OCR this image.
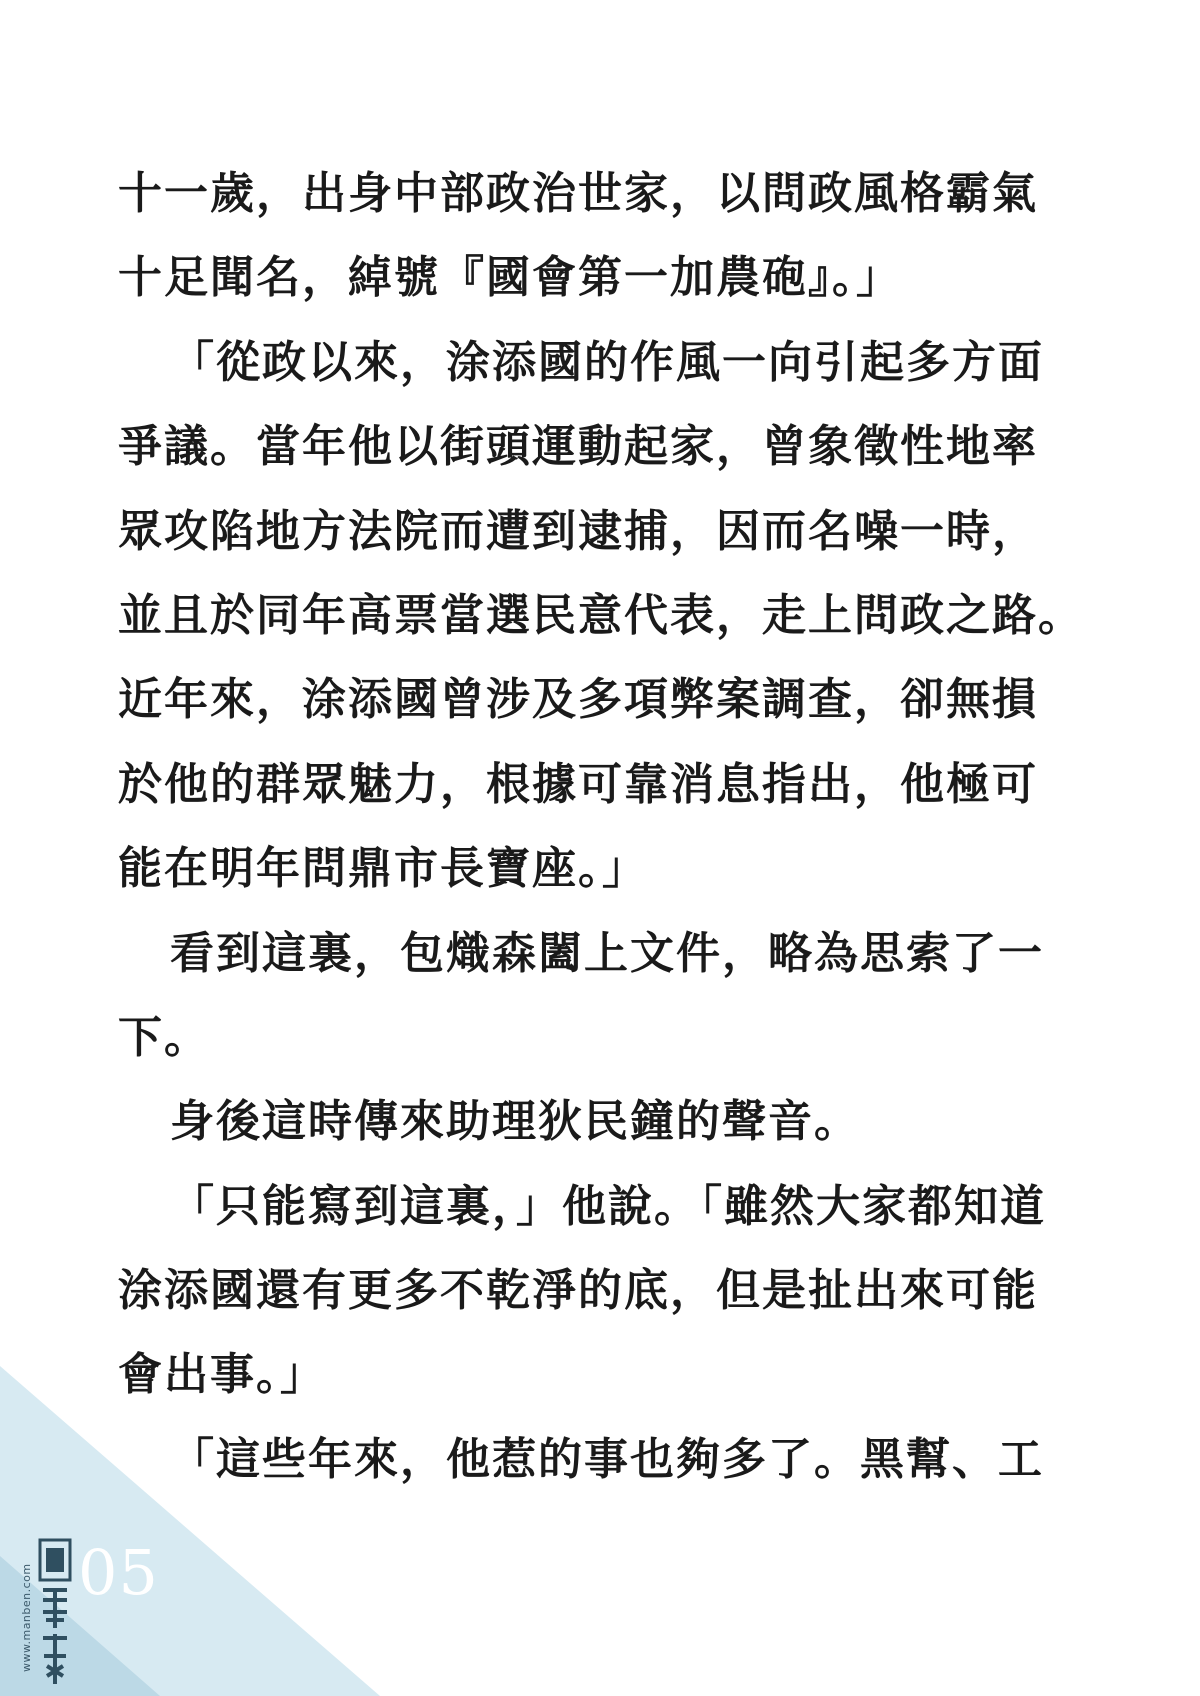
十一歲，出身中部政治世家，以問政風格霸氣
十足聞名，綽號『國會第一加農砲』。」
「從政以來，涂添國的作風一向引起多方面
爭議。當年他以街頭運動起家，曾象徵性地率
眾攻陷地方法院而遭到逮捕，因而名噪一時，
並且於同年高票當選民意代表，走上問政之路。
近年來，涂添國曾涉及多項弊案調查，卻無損
於他的群眾魅力，根據可靠消息指出，他極可
能在明年問鼎市長寶座。」
看到這裏，包熾森闔上文件，略為思索了一
下。
身後這時傳來助理狄民鐘的聲音。
「只能寫到這裏，」他說。「雖然大家都知道
涂添國還有更多不乾淨的底，但是扯出來可能
會出事。」
「這些年來，他惹的事也夠多了。黑幫、工
05
www.manben.com
